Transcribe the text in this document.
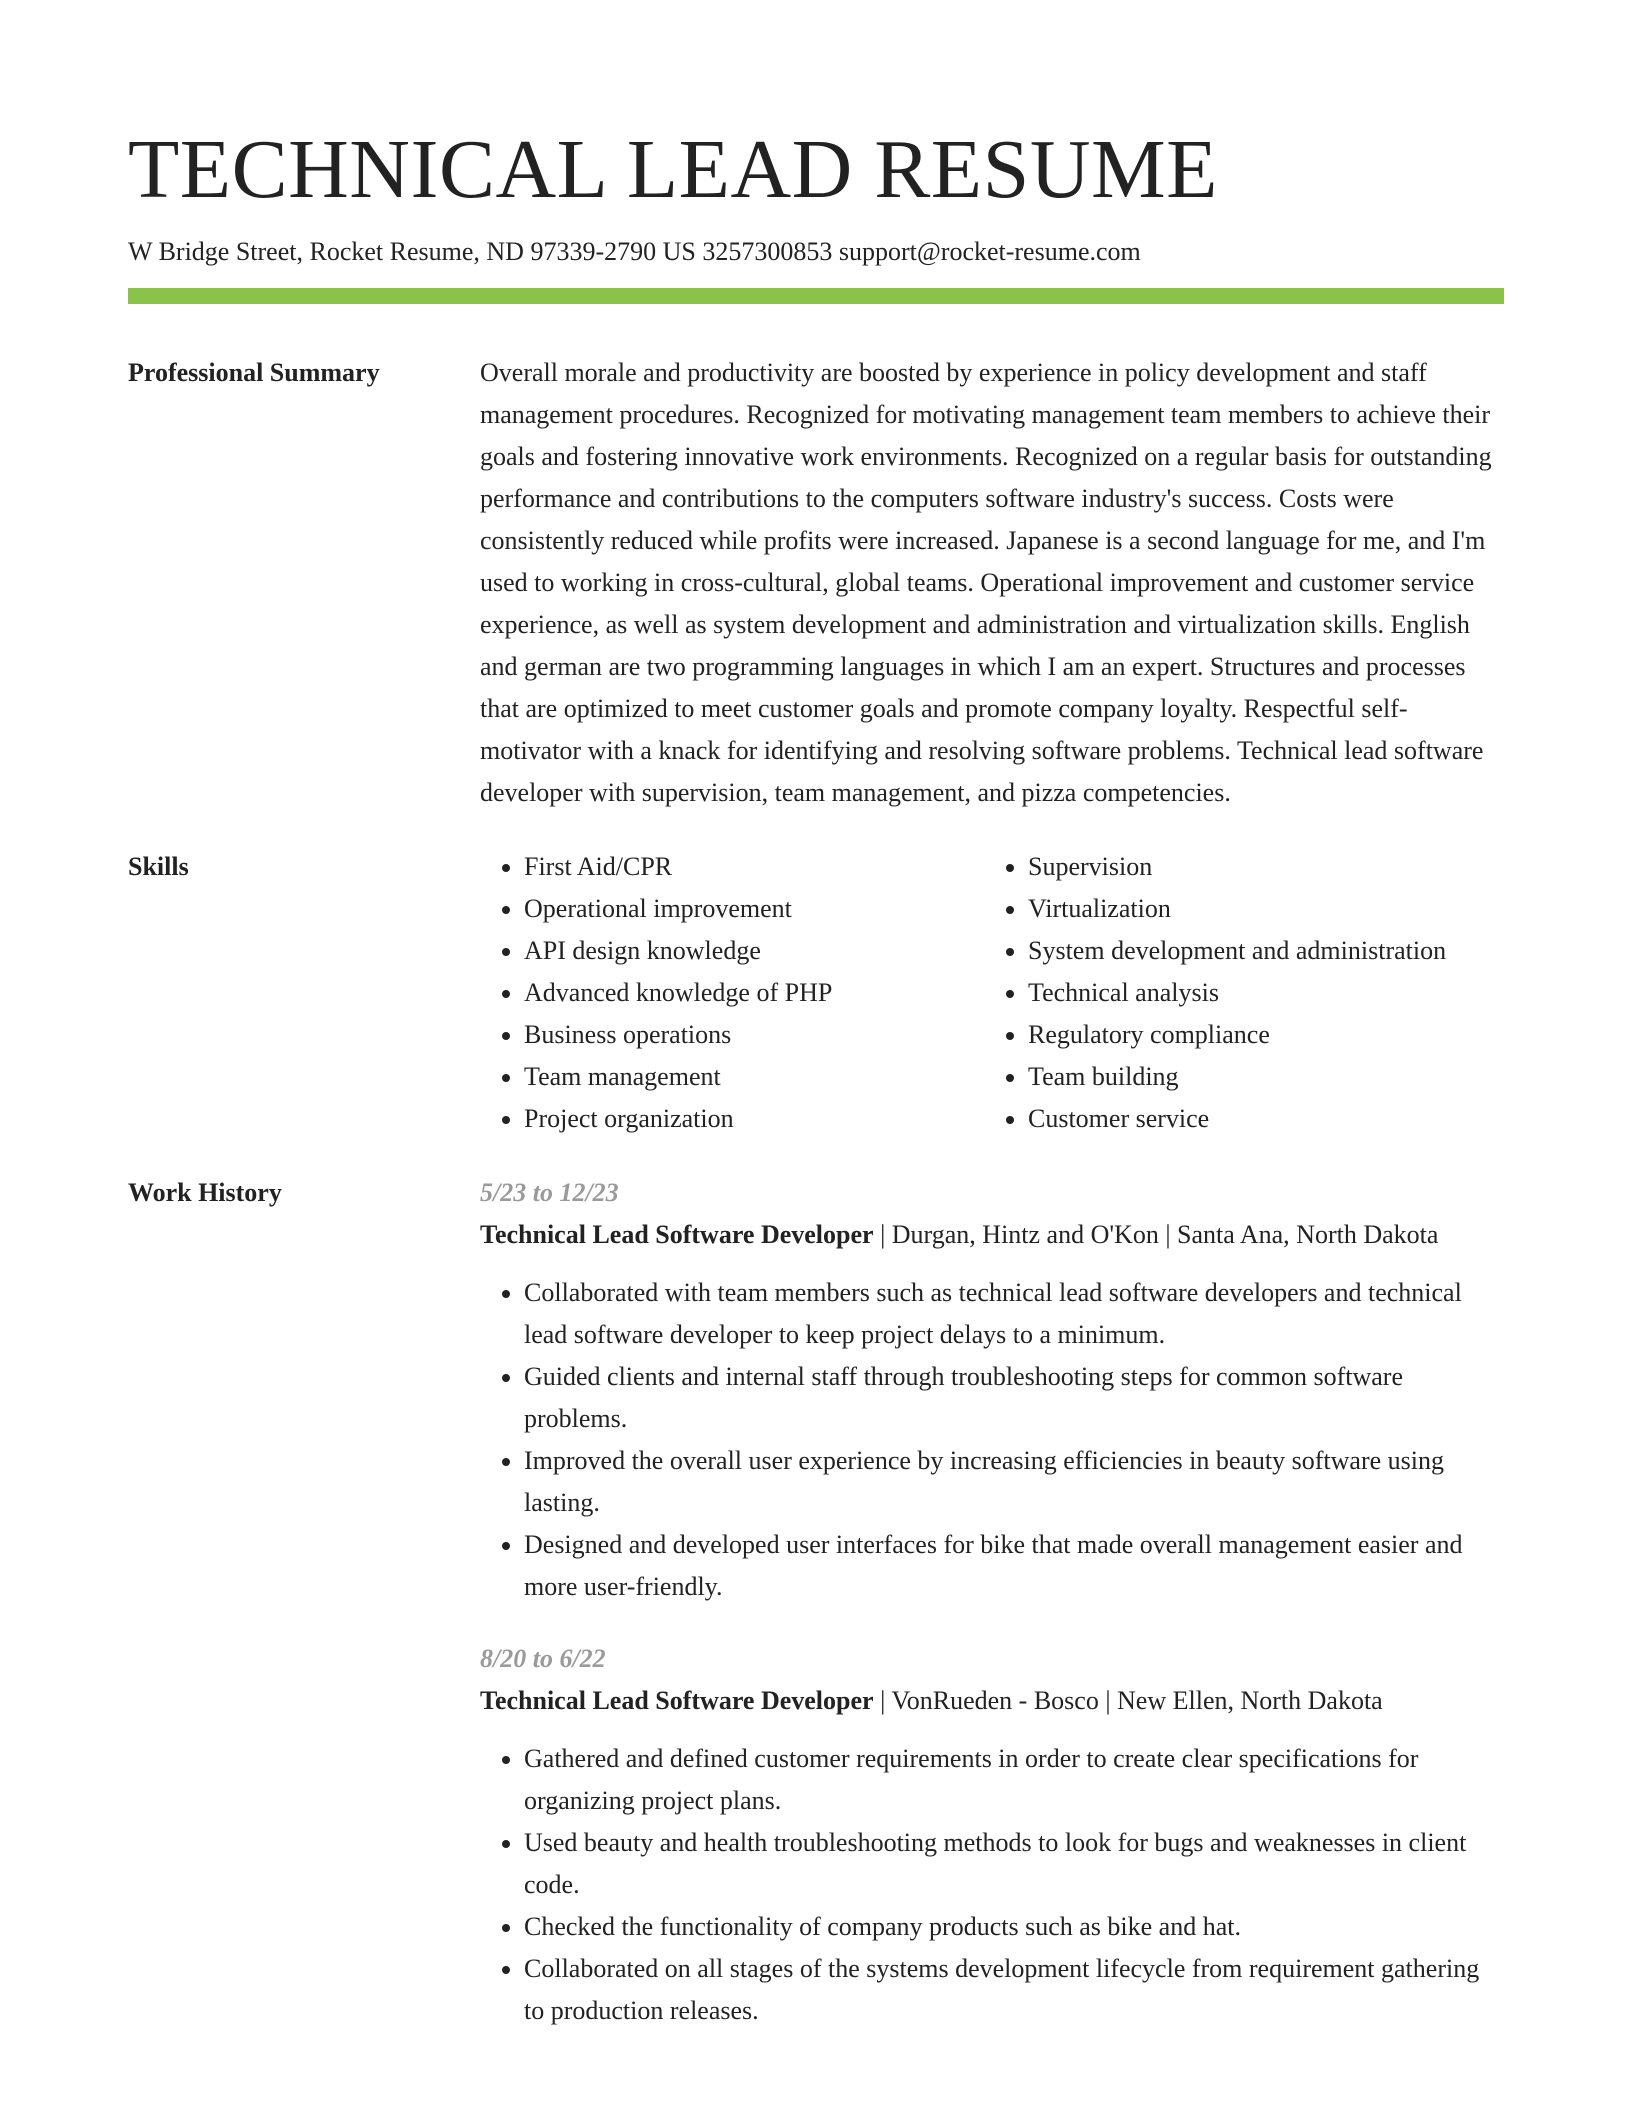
TECHNICAL LEAD RESUME
W Bridge Street, Rocket Resume, ND 97339-2790 US 3257300853 support@rocket-resume.com
Professional Summary	Overall morale and productivity are boosted by experience in policy development and staff management procedures. Recognized for motivating management team members to achieve their goals and fostering innovative work environments. Recognized on a regular basis for outstanding performance and contributions to the computers software industry's success. Costs were consistently reduced while profits were increased. Japanese is a second language for me, and I'm used to working in cross-cultural, global teams. Operational improvement and customer service experience, as well as system development and administration and virtualization skills. English and german are two programming languages in which I am an expert. Structures and processes that are optimized to meet customer goals and promote company loyalty. Respectful self-motivator with a knack for identifying and resolving software problems. Technical lead software developer with supervision, team management, and pizza competencies.
Skills
•	First Aid/CPR
• Operational improvement
• API design knowledge
• Advanced knowledge of PHP
• Business operations
• Team management
• Project organization
• Supervision
• Virtualization
• System development and administration
• Technical analysis
• Regulatory compliance
• Team building
• Customer service
Work History	5/23 to 12/23
Technical Lead Software Developer | Durgan, Hintz and O'Kon | Santa Ana, North Dakota
• Collaborated with team members such as technical lead software developers and technical lead software developer to keep project delays to a minimum.
• Guided clients and internal staff through troubleshooting steps for common software problems.
• Improved the overall user experience by increasing efficiencies in beauty software using lasting.
• Designed and developed user interfaces for bike that made overall management easier and more user-friendly.
8/20 to 6/22
Technical Lead Software Developer | VonRueden - Bosco | New Ellen, North Dakota
• Gathered and defined customer requirements in order to create clear specifications for organizing project plans.
• Used beauty and health troubleshooting methods to look for bugs and weaknesses in client code.
• Checked the functionality of company products such as bike and hat.
• Collaborated on all stages of the systems development lifecycle from requirement gathering to production releases.
